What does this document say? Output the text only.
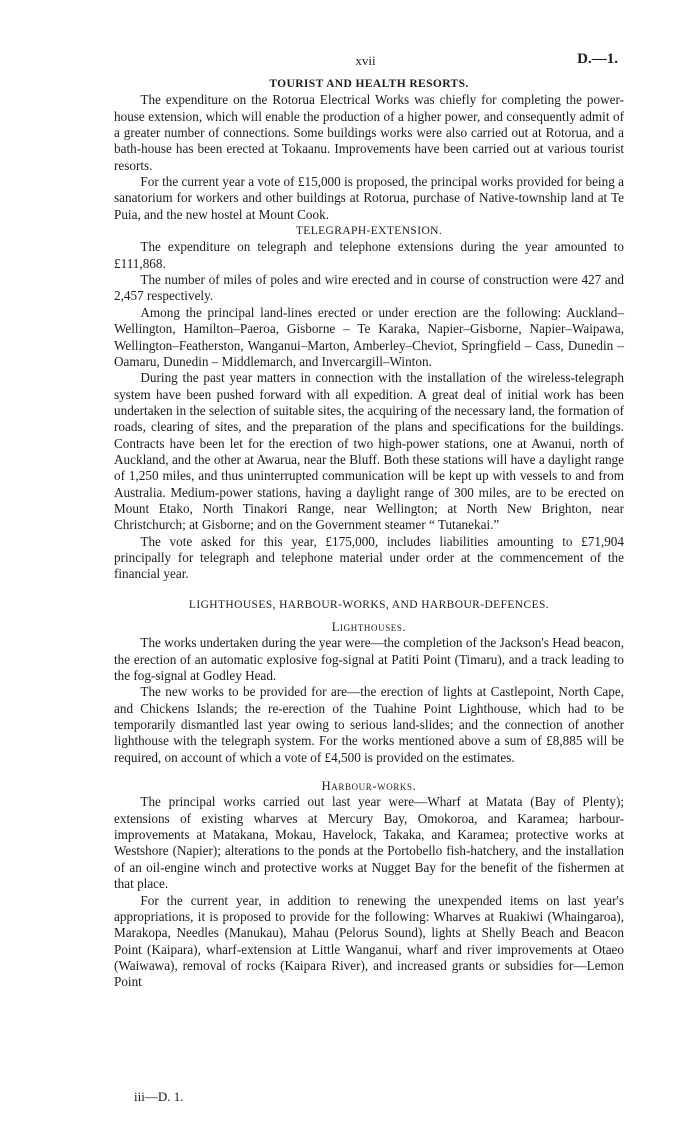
xvii	D.—1.
TOURIST AND HEALTH RESORTS.

The expenditure on the Rotorua Electrical Works was chiefly for completing the power-house extension, which will enable the production of a higher power, and consequently admit of a greater number of connections. Some buildings works were also carried out at Rotorua, and a bath-house has been erected at Tokaanu. Improvements have been carried out at various tourist resorts.

For the current year a vote of £15,000 is proposed, the principal works provided for being a sanatorium for workers and other buildings at Rotorua, purchase of Native-township land at Te Puia, and the new hostel at Mount Cook.

TELEGRAPH-EXTENSION.

The expenditure on telegraph and telephone extensions during the year amounted to £111,868.

The number of miles of poles and wire erected and in course of construction were 427 and 2,457 respectively.

Among the principal land-lines erected or under erection are the following: Auckland–Wellington, Hamilton–Paeroa, Gisborne – Te Karaka, Napier–Gisborne, Napier–Waipawa, Wellington–Featherston, Wanganui–Marton, Amberley–Cheviot, Springfield – Cass, Dunedin – Oamaru, Dunedin – Middlemarch, and Invercargill–Winton.

During the past year matters in connection with the installation of the wireless-telegraph system have been pushed forward with all expedition. A great deal of initial work has been undertaken in the selection of suitable sites, the acquiring of the necessary land, the formation of roads, clearing of sites, and the preparation of the plans and specifications for the buildings. Contracts have been let for the erection of two high-power stations, one at Awanui, north of Auckland, and the other at Awarua, near the Bluff. Both these stations will have a daylight range of 1,250 miles, and thus uninterrupted communication will be kept up with vessels to and from Australia. Medium-power stations, having a daylight range of 300 miles, are to be erected on Mount Etako, North Tinakori Range, near Wellington; at North New Brighton, near Christchurch; at Gisborne; and on the Government steamer “ Tutanekai.”

The vote asked for this year, £175,000, includes liabilities amounting to £71,904 principally for telegraph and telephone material under order at the commencement of the financial year.

LIGHTHOUSES, HARBOUR-WORKS, AND HARBOUR-DEFENCES.
Lighthouses.

The works undertaken during the year were—the completion of the Jackson's Head beacon, the erection of an automatic explosive fog-signal at Patiti Point (Timaru), and a track leading to the fog-signal at Godley Head.

The new works to be provided for are—the erection of lights at Castlepoint, North Cape, and Chickens Islands; the re-erection of the Tuahine Point Lighthouse, which had to be temporarily dismantled last year owing to serious land-slides; and the connection of another lighthouse with the telegraph system. For the works mentioned above a sum of £8,885 will be required, on account of which a vote of £4,500 is provided on the estimates.

Harbour-works.

The principal works carried out last year were—Wharf at Matata (Bay of Plenty); extensions of existing wharves at Mercury Bay, Omokoroa, and Karamea; harbour-improvements at Matakana, Mokau, Havelock, Takaka, and Karamea; protective works at Westshore (Napier); alterations to the ponds at the Portobello fish-hatchery, and the installation of an oil-engine winch and protective works at Nugget Bay for the benefit of the fishermen at that place.

For the current year, in addition to renewing the unexpended items on last year's appropriations, it is proposed to provide for the following: Wharves at Ruakiwi (Whaingaroa), Marakopa, Needles (Manukau), Mahau (Pelorus Sound), lights at Shelly Beach and Beacon Point (Kaipara), wharf-extension at Little Wanganui, wharf and river improvements at Otaeo (Waiwawa), removal of rocks (Kaipara River), and increased grants or subsidies for—Lemon Point

iii—D. 1.
